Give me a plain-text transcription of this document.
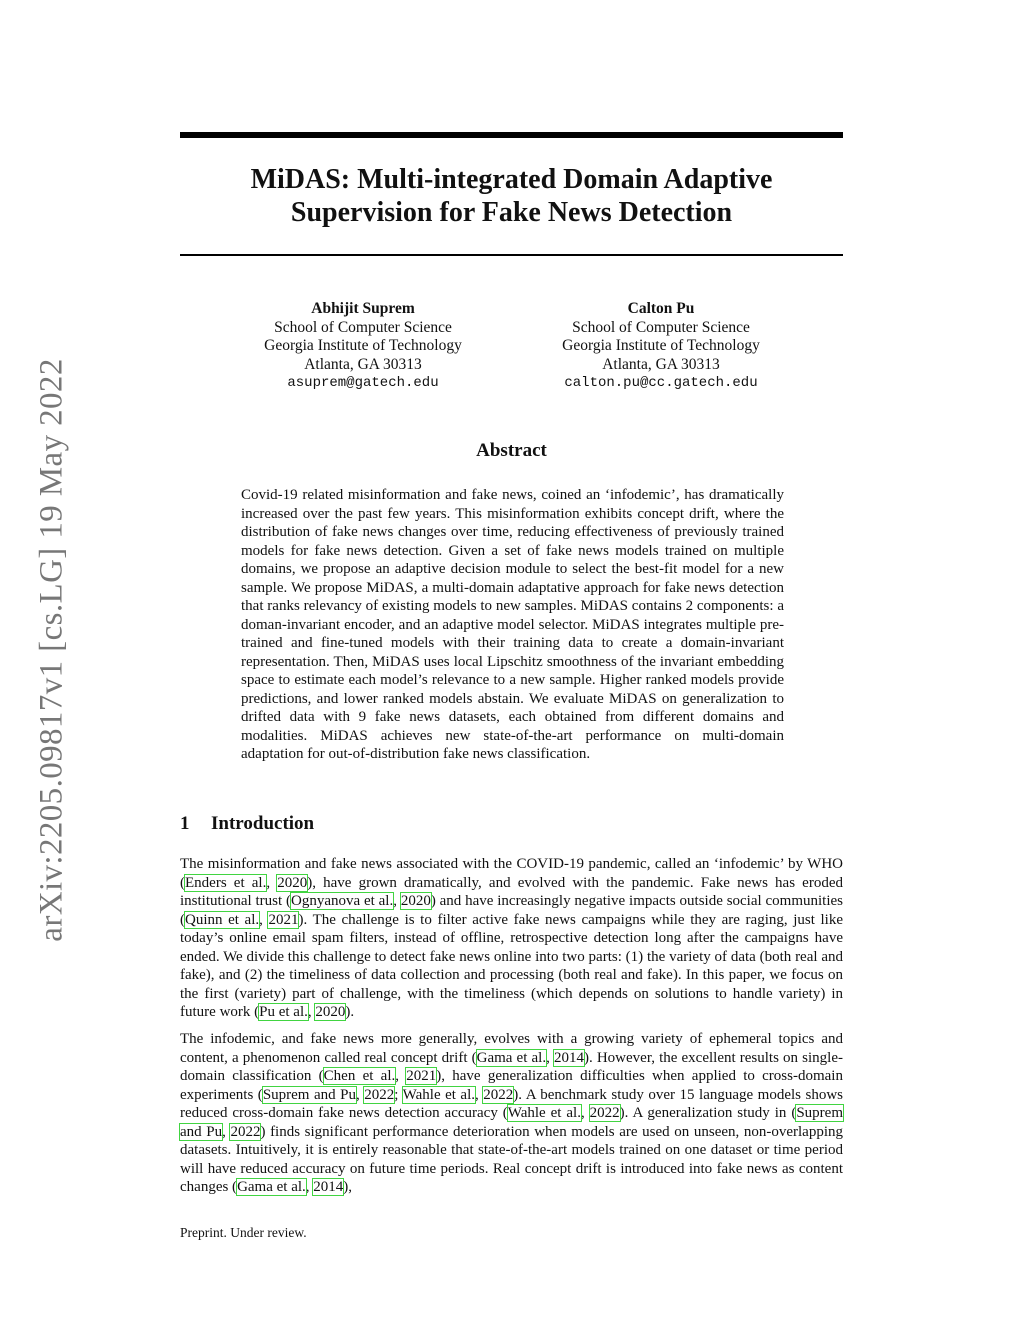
arXiv:2205.09817v1 [cs.LG] 19 May 2022
MiDAS: Multi-integrated Domain Adaptive
Supervision for Fake News Detection
Abhijit Suprem
School of Computer Science
Georgia Institute of Technology
Atlanta, GA 30313
asuprem@gatech.edu
Calton Pu
School of Computer Science
Georgia Institute of Technology
Atlanta, GA 30313
calton.pu@cc.gatech.edu
Abstract

Covid-19 related misinformation and fake news, coined an ‘infodemic’, has dramatically increased over the past few years. This misinformation exhibits concept drift, where the distribution of fake news changes over time, reducing effectiveness of previously trained models for fake news detection. Given a set of fake news models trained on multiple domains, we propose an adaptive decision module to select the best-fit model for a new sample. We propose MiDAS, a multi-domain adaptative approach for fake news detection that ranks relevancy of existing models to new samples. MiDAS contains 2 components: a doman-invariant encoder, and an adaptive model selector. MiDAS integrates multiple pre-trained and fine-tuned models with their training data to create a domain-invariant representation. Then, MiDAS uses local Lipschitz smoothness of the invariant embedding space to estimate each model’s relevance to a new sample. Higher ranked models provide predictions, and lower ranked models abstain. We evaluate MiDAS on generalization to drifted data with 9 fake news datasets, each obtained from different domains and modalities. MiDAS achieves new state-of-the-art performance on multi-domain adaptation for out-of-distribution fake news classification.

1 Introduction

The misinformation and fake news associated with the COVID-19 pandemic, called an ‘infodemic’ by WHO (Enders et al., 2020), have grown dramatically, and evolved with the pandemic. Fake news has eroded institutional trust (Ognyanova et al., 2020) and have increasingly negative impacts outside social communities (Quinn et al., 2021). The challenge is to filter active fake news campaigns while they are raging, just like today’s online email spam filters, instead of offline, retrospective detection long after the campaigns have ended. We divide this challenge to detect fake news online into two parts: (1) the variety of data (both real and fake), and (2) the timeliness of data collection and processing (both real and fake). In this paper, we focus on the first (variety) part of challenge, with the timeliness (which depends on solutions to handle variety) in future work (Pu et al., 2020).

The infodemic, and fake news more generally, evolves with a growing variety of ephemeral topics and content, a phenomenon called real concept drift (Gama et al., 2014). However, the excellent results on single-domain classification (Chen et al., 2021), have generalization difficulties when applied to cross-domain experiments (Suprem and Pu, 2022; Wahle et al., 2022). A benchmark study over 15 language models shows reduced cross-domain fake news detection accuracy (Wahle et al., 2022). A generalization study in (Suprem and Pu, 2022) finds significant performance deterioration when models are used on unseen, non-overlapping datasets. Intuitively, it is entirely reasonable that state-of-the-art models trained on one dataset or time period will have reduced accuracy on future time periods. Real concept drift is introduced into fake news as content changes (Gama et al., 2014),

Preprint. Under review.
